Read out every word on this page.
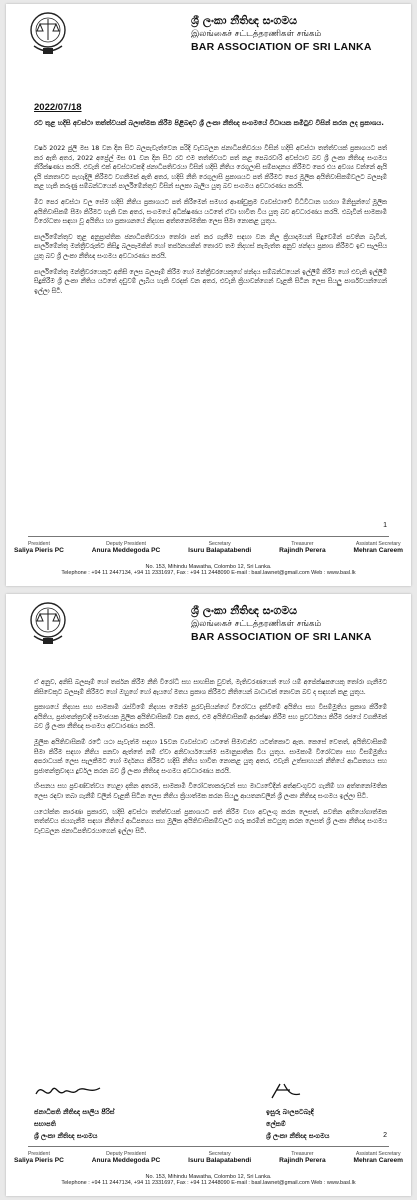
ශ්‍රී ලංකා නීතිඥ සංගමය
இலங்கைச் சட்டத்தரணிகள் சங்கம்
BAR ASSOCIATION OF SRI LANKA
2022/07/18
රට තුළ හදිසි අවස්ථා තත්ත්වයක් බලාත්මක කිරීම පිළිබඳව ශ්‍රී ලංකා නීතිඥ සංගමයේ විධායක කමිටුව විසින් කරන ලද ප්‍රකාශය.

වර්ෂ 2022 ජුලි මස 18 වන දින සිට බලපැවැත්වෙන පරිදි වැඩබලන ජනාධිපතිවරයා විසින් හදිසි අවස්ථා තත්ත්වයක් ප්‍රකාශයට පත් කර ඇති අතර, 2022 අප්‍රේල් මස 01 වන දින සිට රට එම තත්ත්වයට පත් කළ පෙබරවාරි අවස්ථාව බව ශ්‍රී ලංකා නීතිඥ සංගමය නිරීක්ෂණය කරයි. එවැනි එක් අවස්ථාවකදී ජනාධිපතිවරයා විසින් හදිසි නීතිය රෙගුලාසි සම්පාදනය කිරීමට පෙර එය අවශ්‍ය වන්නේ ඇයි දැයි ජනතාවට පැහැදිලි කිරීමට වගකීමක් ඇති අතර, හදිසි නීති රෙගුලාසි ප්‍රකාශයට පත් කිරීමට පෙර මූලික අයිතිවාසිකම්වලට බලපෑම් කළ හැකි කරුණු සම්බන්ධයෙන් පාර්ලිමේන්තුව විසින් සලකා බැලිය යුතු බව සංගමය අවධාරණය කරයි.

මීට පෙර අවස්ථා වල සේම හදිසි නීතිය ප්‍රකාශයට පත් කිරීමෙන් සමහර ආණ්ඩුක්‍රම ව්‍යවස්ථාවේ විධිවිධාන හරහා මිනිසුන්ගේ මූලික අයිතිවාසිකම් සීමා කිරීමට හැකි වන අතර, සංගමයේ අධීක්ෂණය යටතේ ඒවා භාවිත විය යුතු බව අවධාරණය කරයි. එබැවින් සාමකාමී විරෝධතා සඳහා වූ අයිතිය හා ප්‍රකාශනයේ නිදහස අත්තනෝමතික ලෙස සීමා නොකළ යුතුය.

පාර්ලිමේන්තුව තුළ අනුප්‍රාප්තික ජනාධිපතිවරයා තෝරා පත් කර ගැනීම සඳහා වන නිල ක්‍රියාදාමයන් සිදුවෙමින් පවතින බැවින්, පාර්ලිමේන්තු මන්ත්‍රීවරුන්ට කිසිදු බලපෑමකින් හෝ තර්ජනයකින් තොරව තම නිදහස් කැමැත්ත අනුව ඡන්දය ප්‍රකාශ කිරීමට ඉඩ සැලසිය යුතු බව ශ්‍රී ලංකා නීතිඥ සංගමය අවධාරණය කරයි.

පාර්ලිමේන්තු මන්ත්‍රීවරයෙකුට අනිසි ලෙස බලපෑම් කිරීම හෝ මන්ත්‍රීවරයෙකුගේ ඡන්දය සම්බන්ධයෙන් ඉල්ලීම් කිරීම හෝ එවැනි ඉල්ලීම් සිදුකිරීම ශ්‍රී ලංකා නීතිය යටතේ දඬුවම් ලැබිය හැකි වරදක් වන අතර, එවැනි ක්‍රියාවන්ගෙන් වැළකී සිටින ලෙස සියලු පාර්ශ්වයන්ගෙන් ඉල්ලා සිටී.

1
President
Saliya Pieris PC
Deputy President
Anura Meddegoda PC
Secretary
Isuru Balapatabendi
Treasurer
Rajindh Perera
Assistant Secretary
Mehran Careem
No. 153, Mihindu Mawatha, Colombo 12, Sri Lanka.
Telephone : +94 11 2447134, +94 11 2331697, Fax : +94 11 2448090 E-mail : basl.lawnet@gmail.com Web : www.basl.lk
ශ්‍රී ලංකා නීතිඥ සංගමය
இலங்கைச் சட்டத்தரணிகள் சங்கம்
BAR ASSOCIATION OF SRI LANKA

ඒ අනුව, අනිසි බලපෑම් හෝ තර්ජන කිරීම නීති විරෝධී සහ සාහසික වුවත්, මැතිවරණයෙන් හෝ යම් අපේක්ෂකයෙකු තෝරා ගැනීමට කිසිවෙකුට බලපෑම් කිරීමට හෝ ඔහුගේ හෝ ඇයගේ මතය ප්‍රකාශ කිරීමට නීතියෙන් බාධාවක් නොවන බව ද සඳහන් කළ යුතුය.

ප්‍රකාශයේ නිදහස සහ සාමකාමී රැස්වීමේ නිදහස මෙන්ම පුරවැසියන්ගේ විරෝධය දැක්වීමේ අයිතිය සහ විසම්මුතිය ප්‍රකාශ කිරීමේ අයිතිය, ප්‍රජාතන්ත්‍රවාදී සමාජයක මූලික අයිතිවාසිකම් වන අතර, එම අයිතිවාසිකම් ආරක්ෂා කිරීම සහ ප්‍රවර්ධනය කිරීම රජයේ වගකීමක් බව ශ්‍රී ලංකා නීතිඥ සංගමය අවධාරණය කරයි.

මූලික අයිතිවාසිකම් රටේ යථා පැවැත්ම සඳහා 15වන ව්‍යවස්ථාව යටතේ සීමාවන්ට යටත්කොට ඇත. කෙසේ වෙතත්, අයිතිවාසිකම් සීමා කිරීම සඳහා නීතිය පනවා ඇත්තේ නම් ඒවා අනිවාර්යයෙන්ම සමානුපාතික විය යුතුය. සාමකාමී විරෝධතා සහ විසම්මුතිය අපරාධයක් ලෙස සැලකීමට හෝ මර්දනය කිරීමට හදිසි නීතිය භාවිත නොකළ යුතු අතර, එවැනි උත්සාහයන් නීතියේ ආධිපත්‍යය සහ ප්‍රජාතන්ත්‍රවාදය දුර්වල කරන බව ශ්‍රී ලංකා නීතිඥ සංගමය අවධාරණය කරයි.

හිංසනය සහ ප්‍රචණ්ඩත්වය හෙළා දකින අතරම, සාමකාමී විරෝධතාකරුවන් සහ මාධ්‍යවේදීන් අත්අඩංගුවට ගැනීම් හා අත්තනෝමතික ලෙස රඳවා තබා ගැනීම් වලින් වැළකී සිටින ලෙස නීතිය ක්‍රියාත්මක කරන සියලු ආයතනවලින් ශ්‍රී ලංකා නීතිඥ සංගමය ඉල්ලා සිටී.

යථෝක්ත කාරණා ප්‍රකාරව, හදිසි අවස්ථා තත්ත්වයක් ප්‍රකාශයට පත් කිරීම වහා අවලංගු කරන ලෙසත්, පවතින අභියෝගාත්මක තත්ත්වය ජයගැනීම සඳහා නීතියේ ආධිපත්‍යය සහ මූලික අයිතිවාසිකම්වලට ගරු කරමින් කටයුතු කරන ලෙසත් ශ්‍රී ලංකා නීතිඥ සංගමය වැඩබලන ජනාධිපතිවරයාගෙන් ඉල්ලා සිටී.

ජනාධිපති නීතිඥ සාලිය පීරිස්
සභාපති
ශ්‍රී ලංකා නීතිඥ සංගමය
ඉසුරු බාලපටබැඳි
ලේකම්
ශ්‍රී ලංකා නීතිඥ සංගමය	2
President
Saliya Pieris PC
Deputy President
Anura Meddegoda PC
Secretary
Isuru Balapatabendi
Treasurer
Rajindh Perera
Assistant Secretary
Mehran Careem
No. 153, Mihindu Mawatha, Colombo 12, Sri Lanka.
Telephone : +94 11 2447134, +94 11 2331697, Fax : +94 11 2448090 E-mail : basl.lawnet@gmail.com Web : www.basl.lk
